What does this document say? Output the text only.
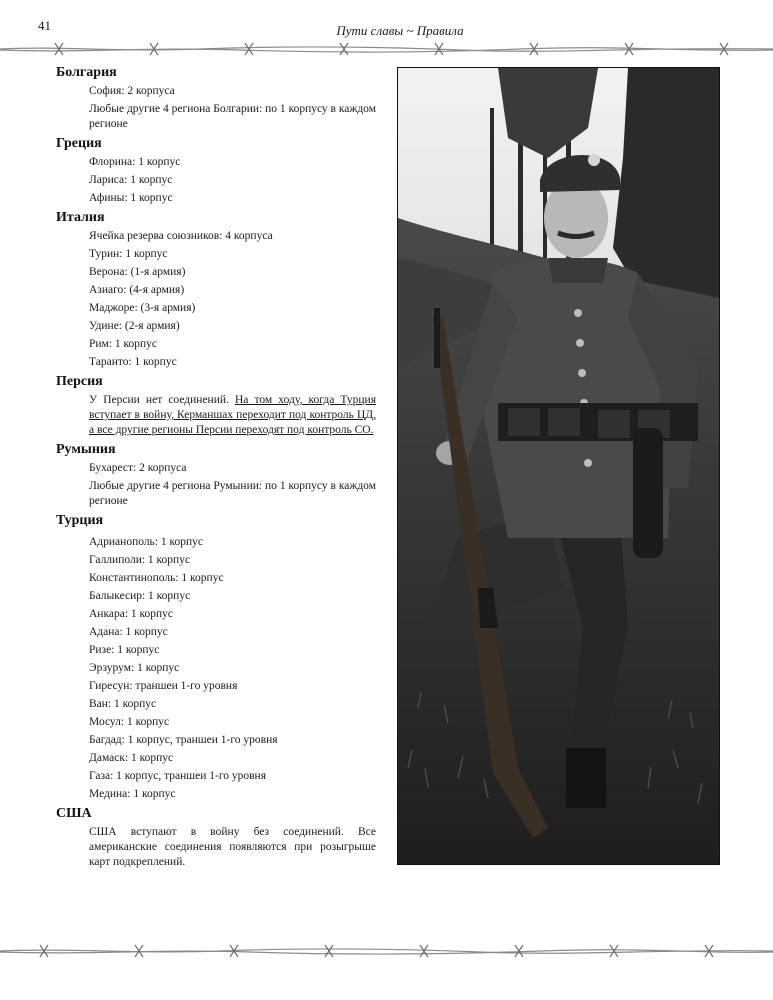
41	Пути славы ~ Правила
Болгария

София: 2 корпуса

Любые другие 4 региона Болгарии: по 1 корпусу в каждом регионе

Греция

Флорина: 1 корпус

Лариса: 1 корпус

Афины: 1 корпус

Италия

Ячейка резерва союзников: 4 корпуса

Турин: 1 корпус

Верона: (1-я армия)

Азиаго: (4-я армия)

Маджоре: (3-я армия)

Удине: (2-я армия)

Рим: 1 корпус

Таранто: 1 корпус

Персия

У Персии нет соединений. На том ходу, когда Турция вступает в войну, Керманшах переходит под контроль ЦД, а все другие регионы Персии переходят под контроль СО.

Румыния

Бухарест: 2 корпуса

Любые другие 4 региона Румынии: по 1 корпусу в каждом регионе

Турция

Адрианополь: 1 корпус

Галлиполи: 1 корпус

Константинополь: 1 корпус

Балыкесир: 1 корпус

Анкара: 1 корпус

Адана: 1 корпус

Ризе: 1 корпус

Эрзурум: 1 корпус

Гиресун: траншеи 1-го уровня

Ван: 1 корпус

Мосул: 1 корпус

Багдад: 1 корпус, траншеи 1-го уровня

Дамаск: 1 корпус

Газа: 1 корпус, траншеи 1-го уровня

Медина: 1 корпус

США

США вступают в войну без соединений. Все американские соединения появляются при розыгрыше карт подкреплений.
